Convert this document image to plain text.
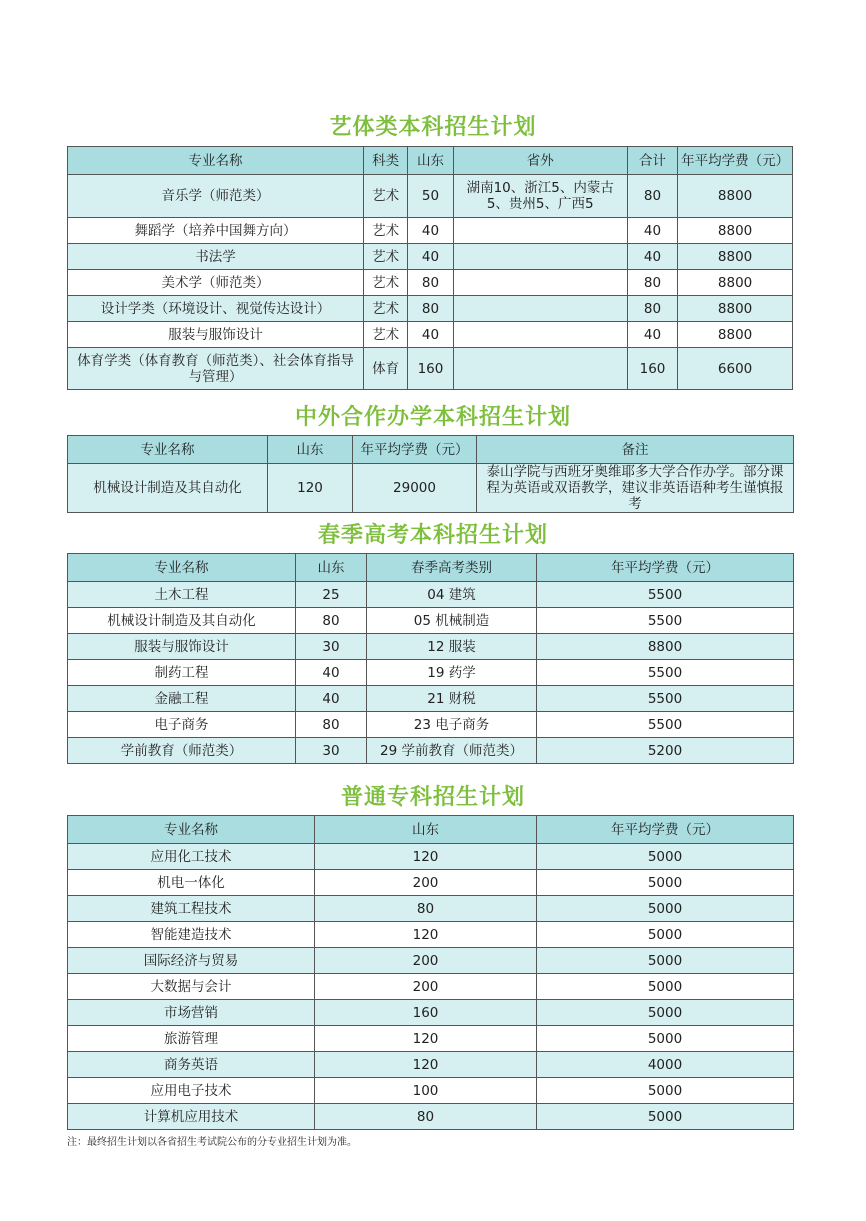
艺体类本科招生计划
专业名称	科类	山东	省外	合计	年平均学费（元）
音乐学（师范类）	艺术	50	湖南10、浙江5、内蒙古5、贵州5、广西5	80	8800
舞蹈学（培养中国舞方向）	艺术	40		40	8800
书法学	艺术	40		40	8800
美术学（师范类）	艺术	80		80	8800
设计学类（环境设计、视觉传达设计）	艺术	80		80	8800
服装与服饰设计	艺术	40		40	8800
体育学类（体育教育（师范类）、社会体育指导与管理）	体育	160		160	6600
中外合作办学本科招生计划
专业名称	山东	年平均学费（元）	备注
机械设计制造及其自动化	120	29000	泰山学院与西班牙奥维耶多大学合作办学。部分课程为英语或双语教学，建议非英语语种考生谨慎报考
春季高考本科招生计划
专业名称	山东	春季高考类别	年平均学费（元）
土木工程	25	04 建筑	5500
机械设计制造及其自动化	80	05 机械制造	5500
服装与服饰设计	30	12 服装	8800
制药工程	40	19 药学	5500
金融工程	40	21 财税	5500
电子商务	80	23 电子商务	5500
学前教育（师范类）	30	29 学前教育（师范类）	5200
普通专科招生计划
专业名称	山东	年平均学费（元）
应用化工技术	120	5000
机电一体化	200	5000
建筑工程技术	80	5000
智能建造技术	120	5000
国际经济与贸易	200	5000
大数据与会计	200	5000
市场营销	160	5000
旅游管理	120	5000
商务英语	120	4000
应用电子技术	100	5000
计算机应用技术	80	5000
注：最终招生计划以各省招生考试院公布的分专业招生计划为准。
